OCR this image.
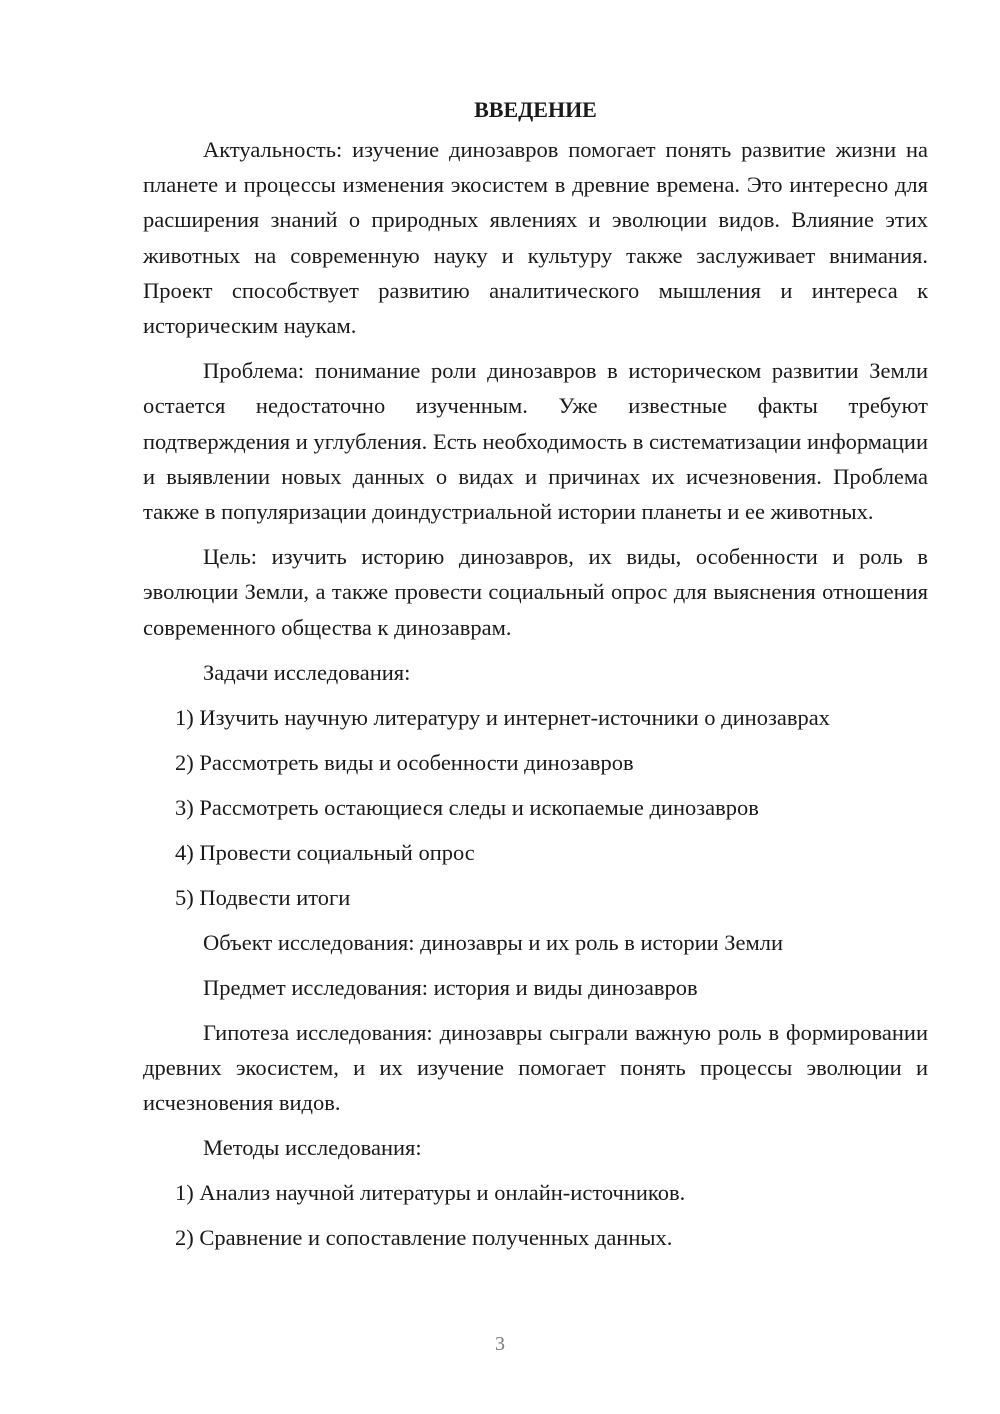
ВВЕДЕНИЕ

Актуальность: изучение динозавров помогает понять развитие жизни на планете и процессы изменения экосистем в древние времена. Это интересно для расширения знаний о природных явлениях и эволюции видов. Влияние этих животных на современную науку и культуру также заслуживает внимания. Проект способствует развитию аналитического мышления и интереса к историческим наукам.

Проблема: понимание роли динозавров в историческом развитии Земли остается недостаточно изученным. Уже известные факты требуют подтверждения и углубления. Есть необходимость в систематизации информации и выявлении новых данных о видах и причинах их исчезновения. Проблема также в популяризации доиндустриальной истории планеты и ее животных.

Цель: изучить историю динозавров, их виды, особенности и роль в эволюции Земли, а также провести социальный опрос для выяснения отношения современного общества к динозаврам.

Задачи исследования:
1) Изучить научную литературу и интернет-источники о динозаврах
2) Рассмотреть виды и особенности динозавров
3) Рассмотреть остающиеся следы и ископаемые динозавров
4) Провести социальный опрос
5) Подвести итоги
Объект исследования: динозавры и их роль в истории Земли
Предмет исследования: история и виды динозавров

Гипотеза исследования: динозавры сыграли важную роль в формировании древних экосистем, и их изучение помогает понять процессы эволюции и исчезновения видов.

Методы исследования:
1) Анализ научной литературы и онлайн-источников.
2) Сравнение и сопоставление полученных данных.
3
